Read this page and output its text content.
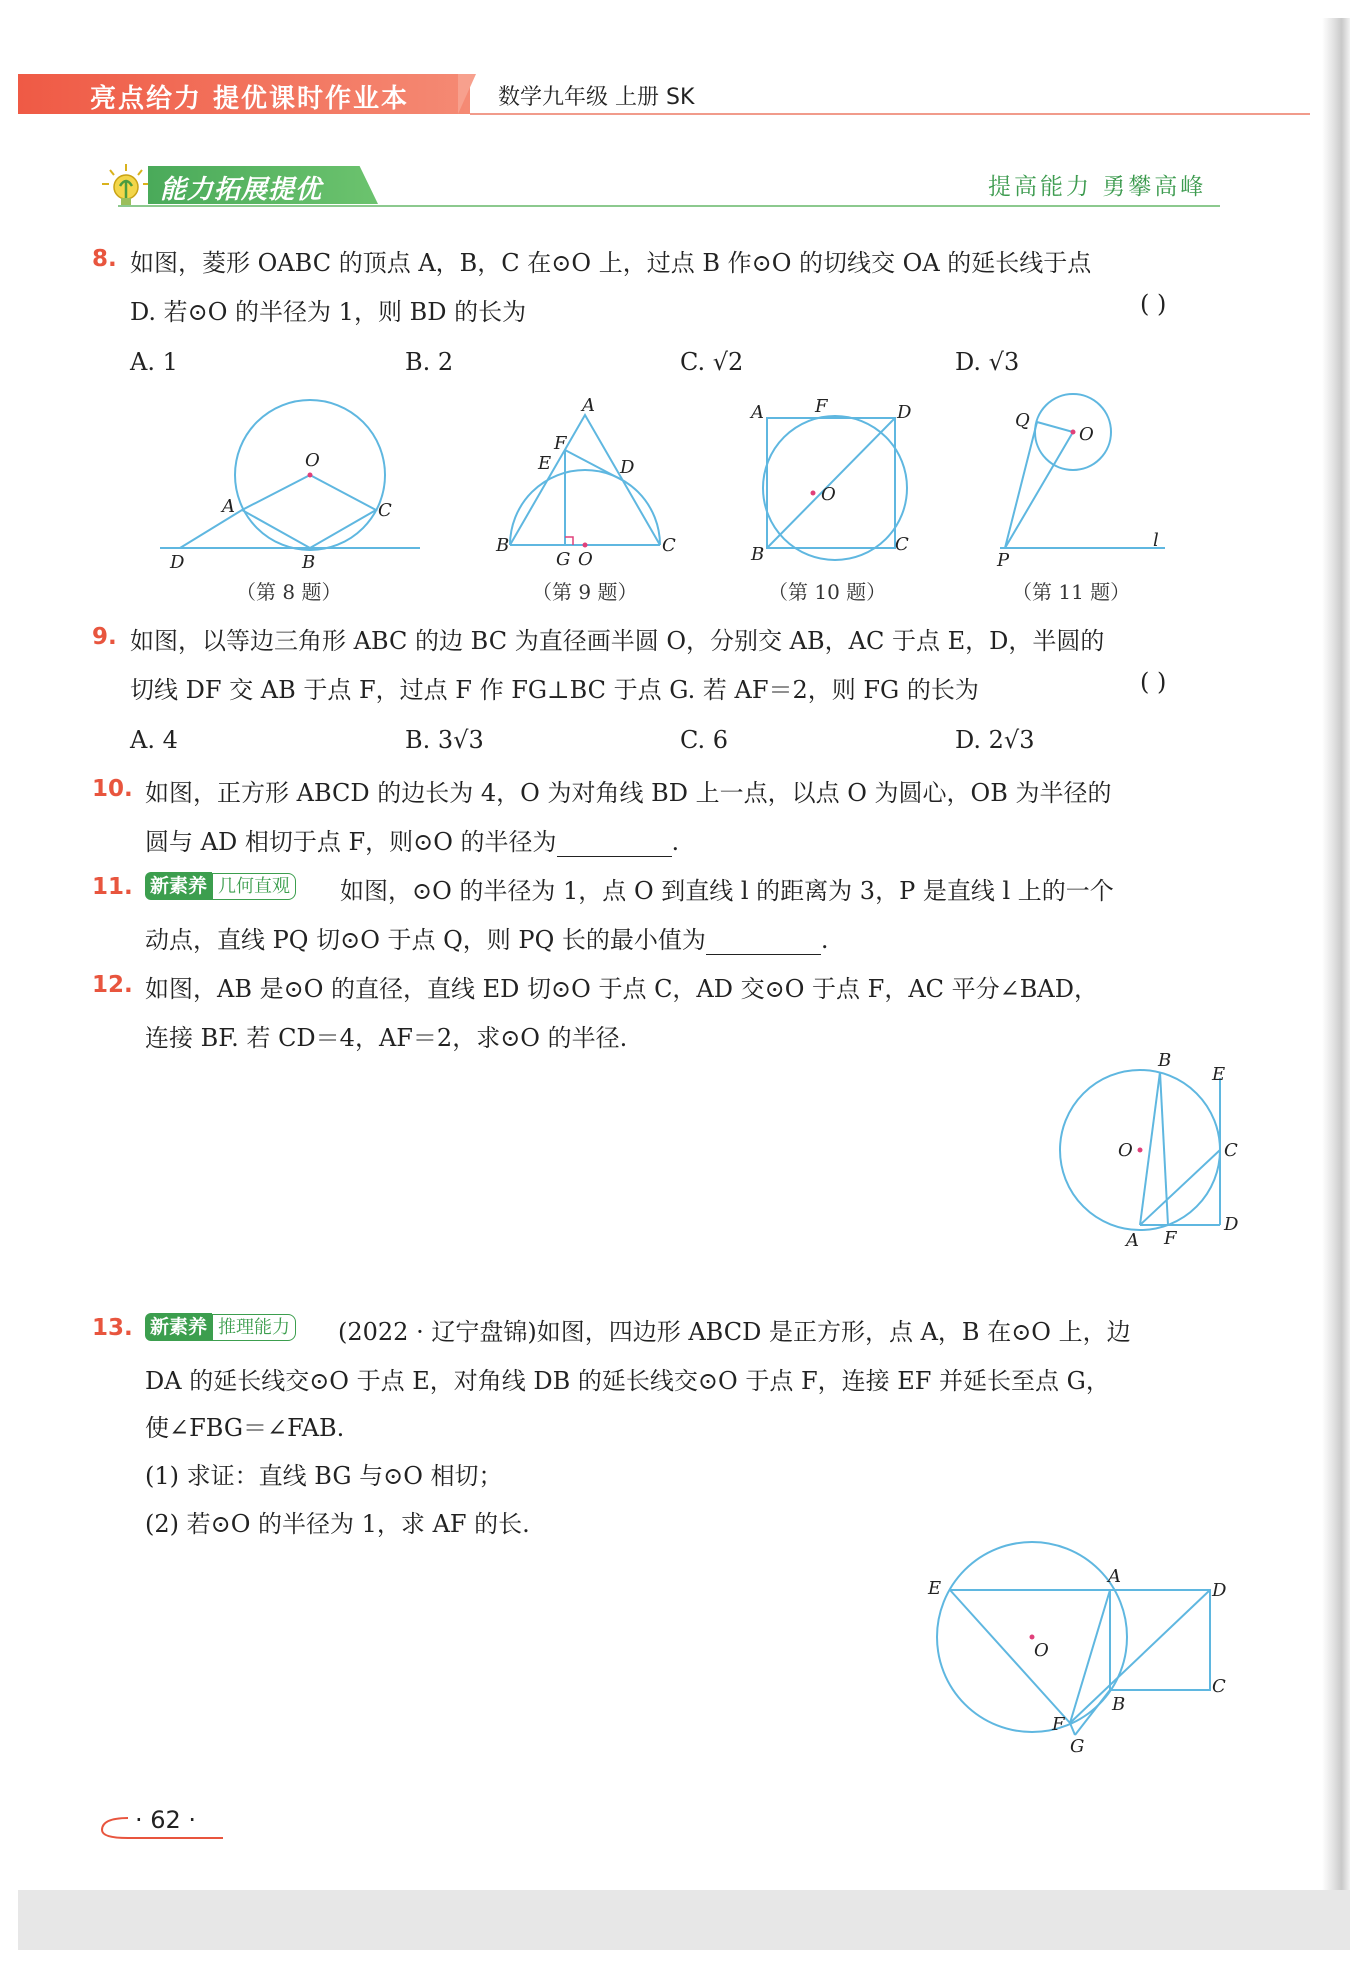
亮点给力 提优课时作业本	数学九年级 上册 SK
能力拓展提优	提高能力 勇攀高峰
8. 如图，菱形 OABC 的顶点 A，B，C 在⊙O 上，过点 B 作⊙O 的切线交 OA 的延长线于点
D. 若⊙O 的半径为 1，则 BD 的长为	( )
A. 1	B. 2	C. √2	D. √3
O
A	C
D	B
A
F
E	D
B
G O
C
A	F	D
O
B	C
Q
O
P
l
（第 8 题）	（第 9 题）	（第 10 题）	（第 11 题）
9. 如图，以等边三角形 ABC 的边 BC 为直径画半圆 O，分别交 AB，AC 于点 E，D，半圆的
切线 DF 交 AB 于点 F，过点 F 作 FG⊥BC 于点 G. 若 AF＝2，则 FG 的长为	( )
A. 4	B. 3√3	C. 6	D. 2√3
10. 如图，正方形 ABCD 的边长为 4，O 为对角线 BD 上一点，以点 O 为圆心，OB 为半径的
圆与 AD 相切于点 F，则⊙O 的半径为	.
11. 新素养 几何直观 如图，⊙O 的半径为 1，点 O 到直线 l 的距离为 3，P 是直线 l 上的一个
动点，直线 PQ 切⊙O 于点 Q，则 PQ 长的最小值为	.
12. 如图，AB 是⊙O 的直径，直线 ED 切⊙O 于点 C，AD 交⊙O 于点 F，AC 平分∠BAD，
连接 BF. 若 CD＝4，AF＝2，求⊙O 的半径.
B
E
O	C
D
A F
13. 新素养 推理能力 (2022 · 辽宁盘锦)如图，四边形 ABCD 是正方形，点 A，B 在⊙O 上，边
DA 的延长线交⊙O 于点 E，对角线 DB 的延长线交⊙O 于点 F，连接 EF 并延长至点 G，
使∠FBG＝∠FAB.
(1) 求证：直线 BG 与⊙O 相切；
(2) 若⊙O 的半径为 1，求 AF 的长.
E
A
D
O
C
B
F
G
· 62 ·
